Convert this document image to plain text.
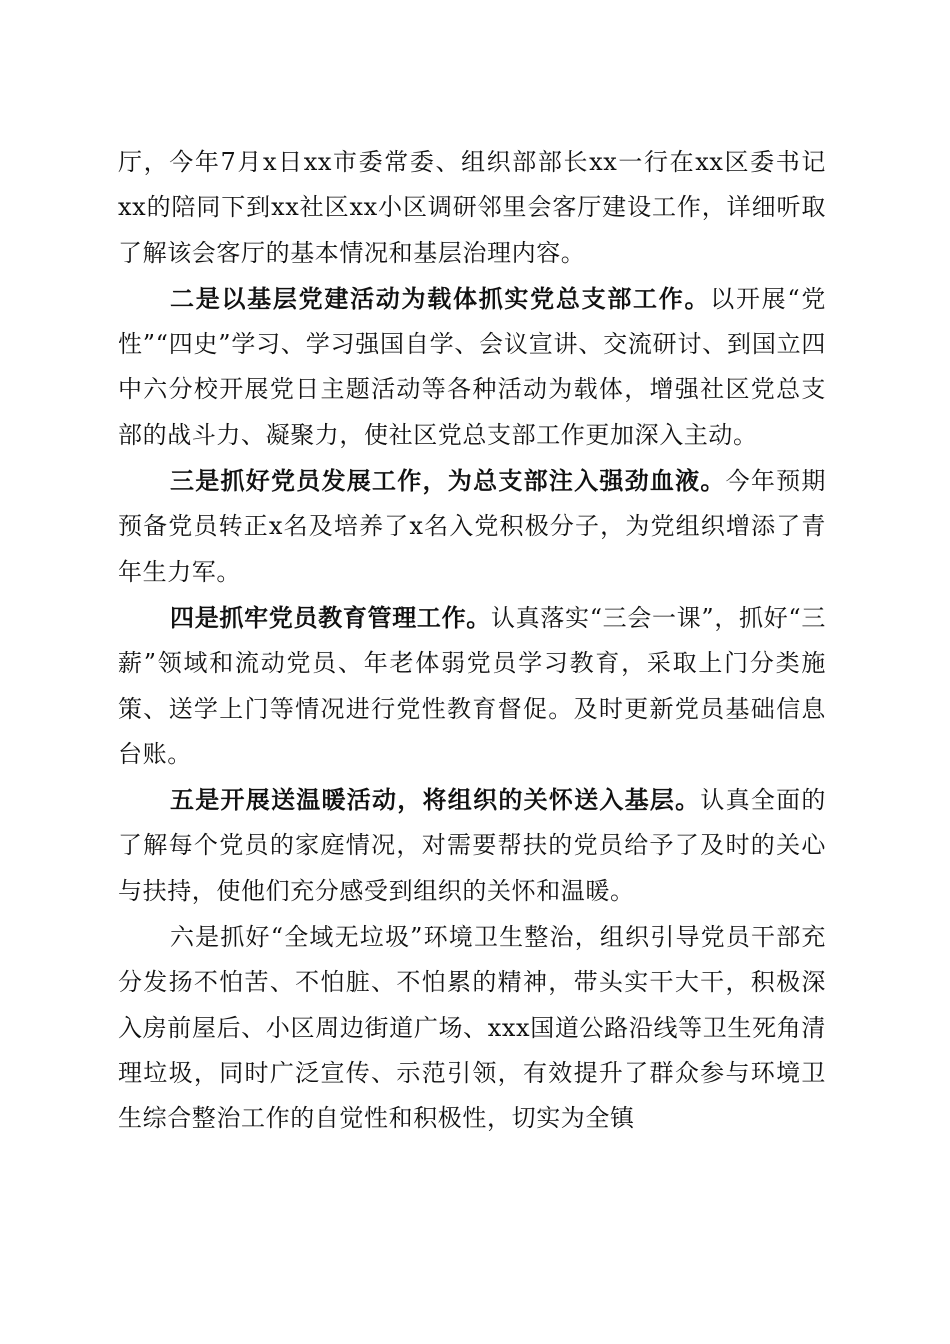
厅，今年7月x日xx市委常委、组织部部长xx一行在xx区委书记xx的陪同下到xx社区xx小区调研邻里会客厅建设工作，详细听取了解该会客厅的基本情况和基层治理内容。

二是以基层党建活动为载体抓实党总支部工作。以开展“党性”“四史”学习、学习强国自学、会议宣讲、交流研讨、到国立四中六分校开展党日主题活动等各种活动为载体，增强社区党总支部的战斗力、凝聚力，使社区党总支部工作更加深入主动。

三是抓好党员发展工作，为总支部注入强劲血液。今年预期预备党员转正x名及培养了x名入党积极分子，为党组织增添了青年生力军。

四是抓牢党员教育管理工作。认真落实“三会一课”，抓好“三薪”领域和流动党员、年老体弱党员学习教育，采取上门分类施策、送学上门等情况进行党性教育督促。及时更新党员基础信息台账。

五是开展送温暖活动，将组织的关怀送入基层。认真全面的了解每个党员的家庭情况，对需要帮扶的党员给予了及时的关心与扶持，使他们充分感受到组织的关怀和温暖。

六是抓好“全域无垃圾”环境卫生整治，组织引导党员干部充分发扬不怕苦、不怕脏、不怕累的精神，带头实干大干，积极深入房前屋后、小区周边街道广场、xxx国道公路沿线等卫生死角清理垃圾，同时广泛宣传、示范引领，有效提升了群众参与环境卫生综合整治工作的自觉性和积极性，切实为全镇
